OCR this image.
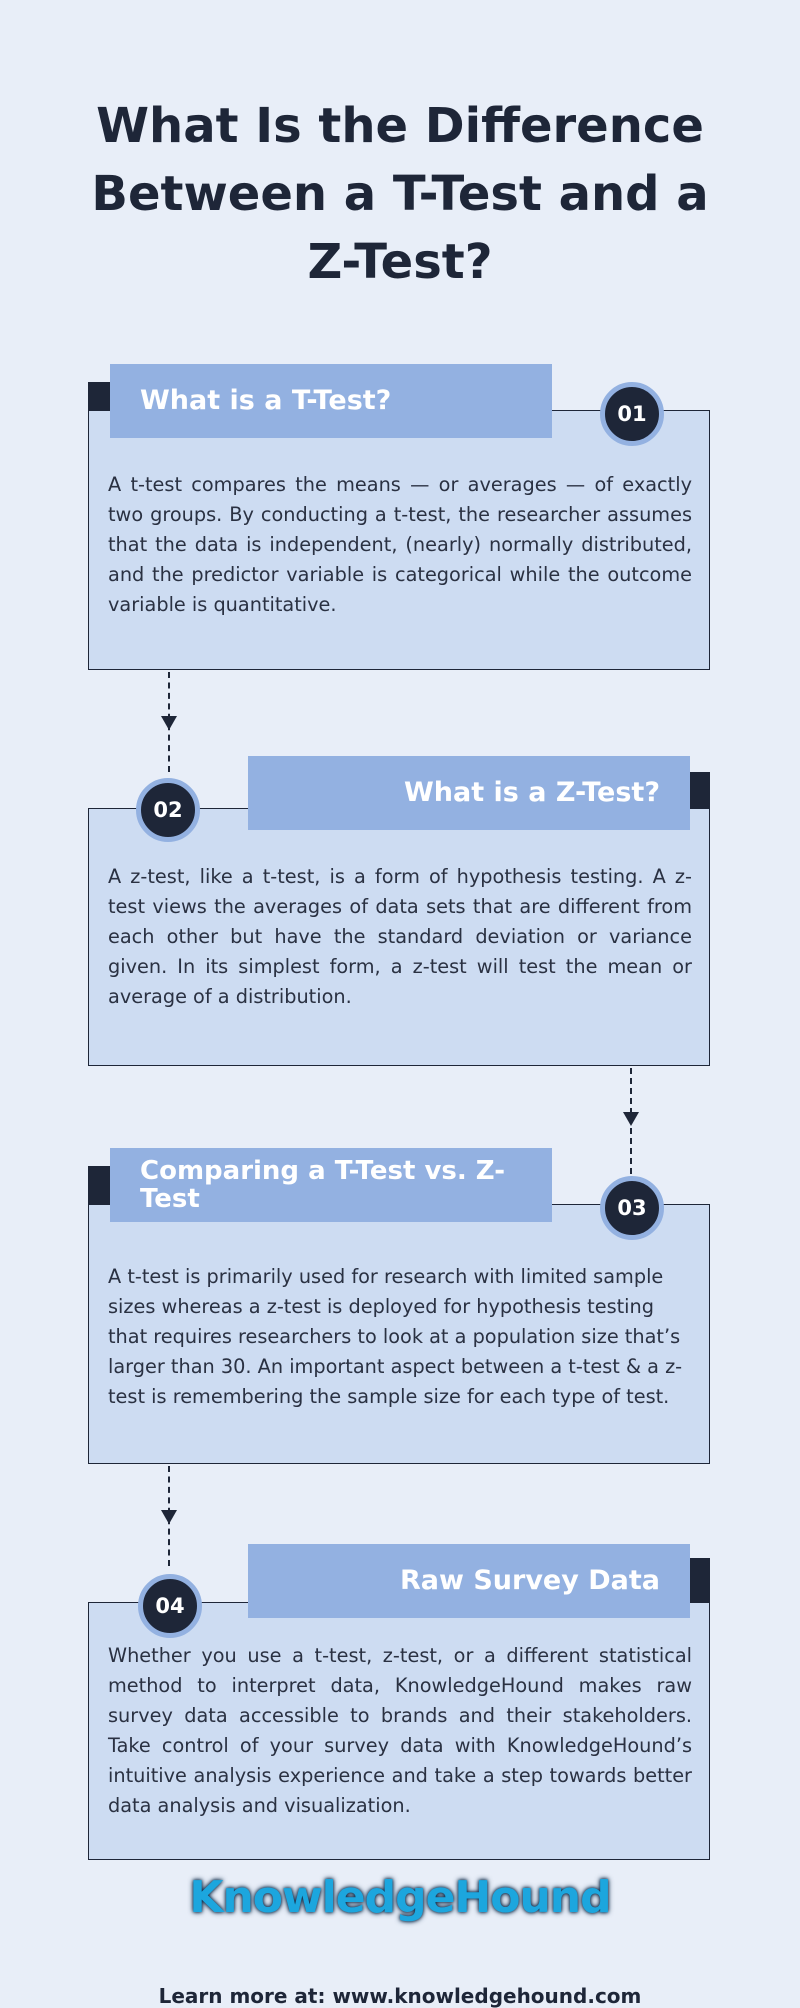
What Is the Difference Between a T-Test and a Z-Test?
What is a T-Test?	01

A t-test compares the means — or averages — of exactly two groups. By conducting a t-test, the researcher assumes that the data is independent, (nearly) normally distributed, and the predictor variable is categorical while the outcome variable is quantitative.

What is a Z-Test?
02

A z-test, like a t-test, is a form of hypothesis testing. A z-test views the averages of data sets that are different from each other but have the standard deviation or variance given. In its simplest form, a z-test will test the mean or average of a distribution.

Comparing a T-Test vs. Z-Test	03

A t-test is primarily used for research with limited sample sizes whereas a z-test is deployed for hypothesis testing that requires researchers to look at a population size that’s larger than 30. An important aspect between a t-test & a z-test is remembering the sample size for each type of test.

Raw Survey Data
04

Whether you use a t-test, z-test, or a different statistical method to interpret data, KnowledgeHound makes raw survey data accessible to brands and their stakeholders. Take control of your survey data with KnowledgeHound’s intuitive analysis experience and take a step towards better data analysis and visualization.

KnowledgeHound
Learn more at: www.knowledgehound.com
